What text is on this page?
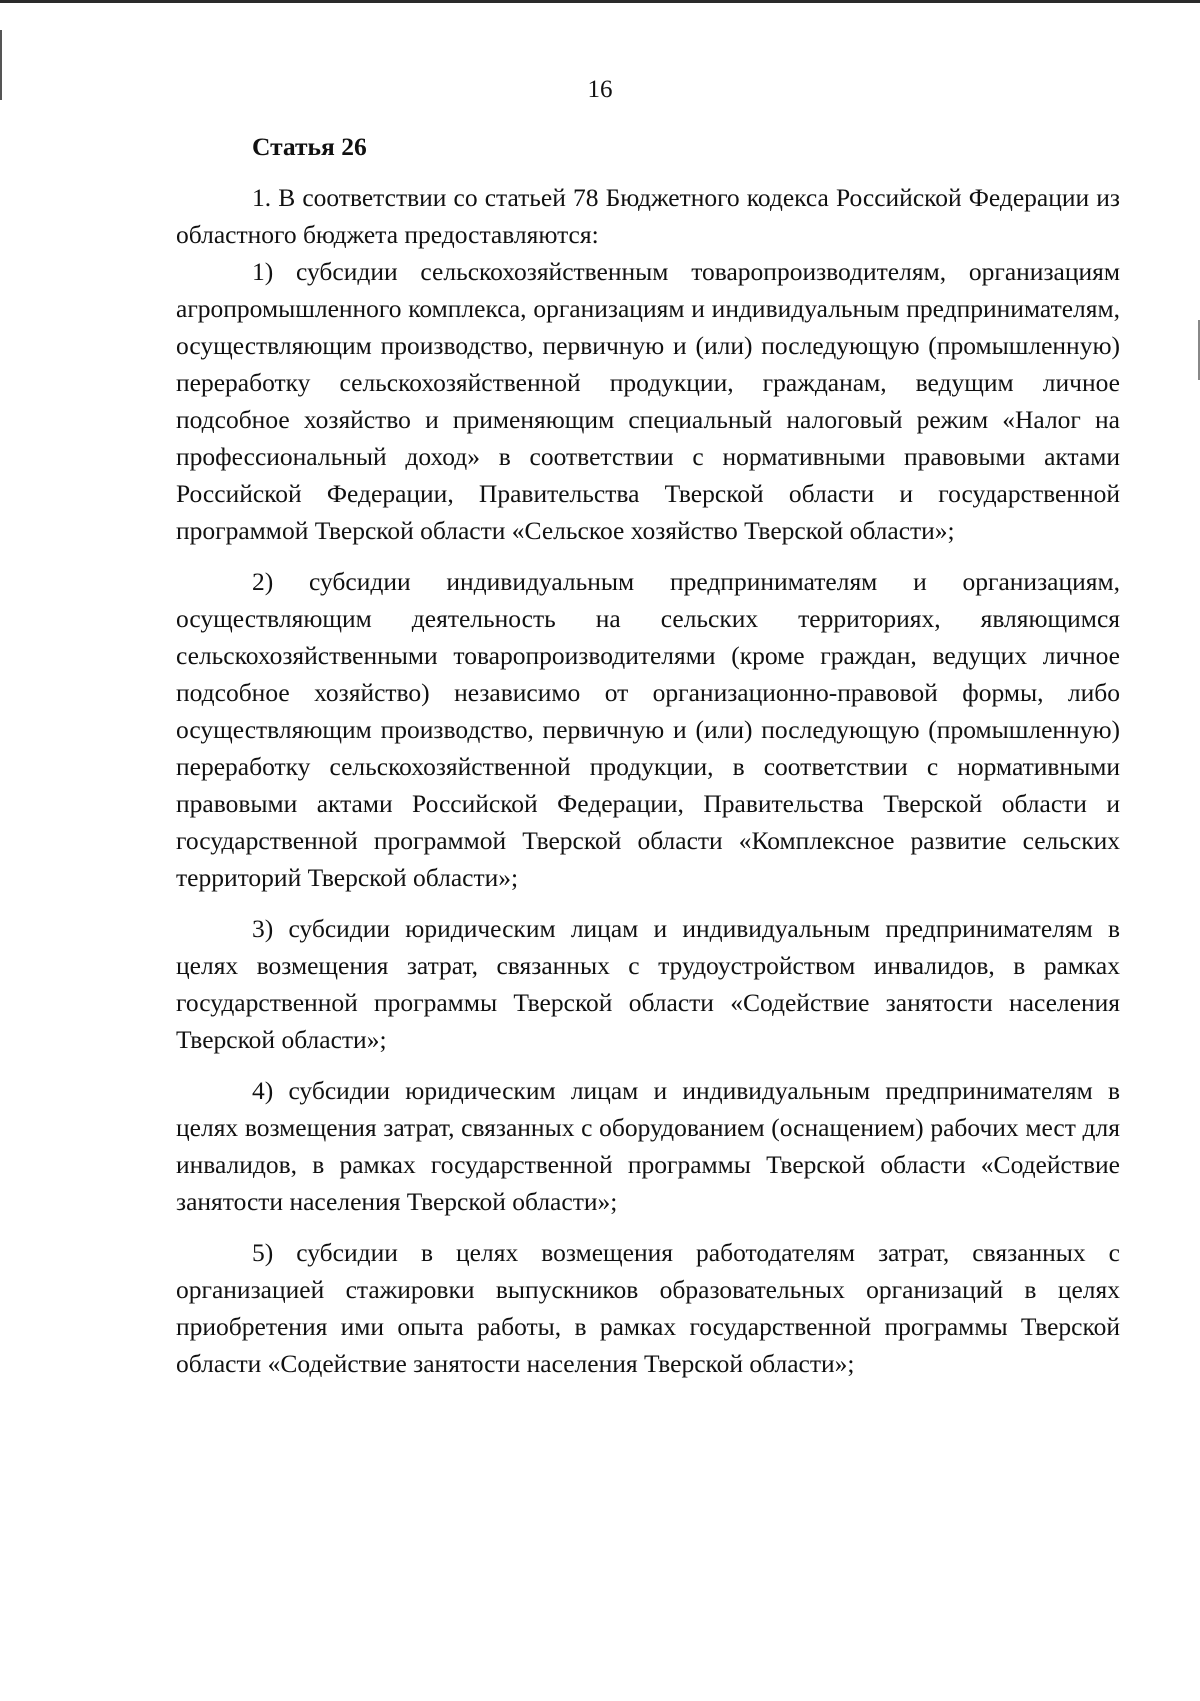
16
Статья 26

1. В соответствии со статьей 78 Бюджетного кодекса Российской Федерации из областного бюджета предоставляются:

1) субсидии сельскохозяйственным товаропроизводителям, организациям агропромышленного комплекса, организациям и индивидуальным предпринимателям, осуществляющим производство, первичную и (или) последующую (промышленную) переработку сельскохозяйственной продукции, гражданам, ведущим личное подсобное хозяйство и применяющим специальный налоговый режим «Налог на профессиональный доход» в соответствии с нормативными правовыми актами Российской Федерации, Правительства Тверской области и государственной программой Тверской области «Сельское хозяйство Тверской области»;

2) субсидии индивидуальным предпринимателям и организациям, осуществляющим деятельность на сельских территориях, являющимся сельскохозяйственными товаропроизводителями (кроме граждан, ведущих личное подсобное хозяйство) независимо от организационно-правовой формы, либо осуществляющим производство, первичную и (или) последующую (промышленную) переработку сельскохозяйственной продукции, в соответствии с нормативными правовыми актами Российской Федерации, Правительства Тверской области и государственной программой Тверской области «Комплексное развитие сельских территорий Тверской области»;

3) субсидии юридическим лицам и индивидуальным предпринимателям в целях возмещения затрат, связанных с трудоустройством инвалидов, в рамках государственной программы Тверской области «Содействие занятости населения Тверской области»;

4) субсидии юридическим лицам и индивидуальным предпринимателям в целях возмещения затрат, связанных с оборудованием (оснащением) рабочих мест для инвалидов, в рамках государственной программы Тверской области «Содействие занятости населения Тверской области»;

5) субсидии в целях возмещения работодателям затрат, связанных с организацией стажировки выпускников образовательных организаций в целях приобретения ими опыта работы, в рамках государственной программы Тверской области «Содействие занятости населения Тверской области»;
